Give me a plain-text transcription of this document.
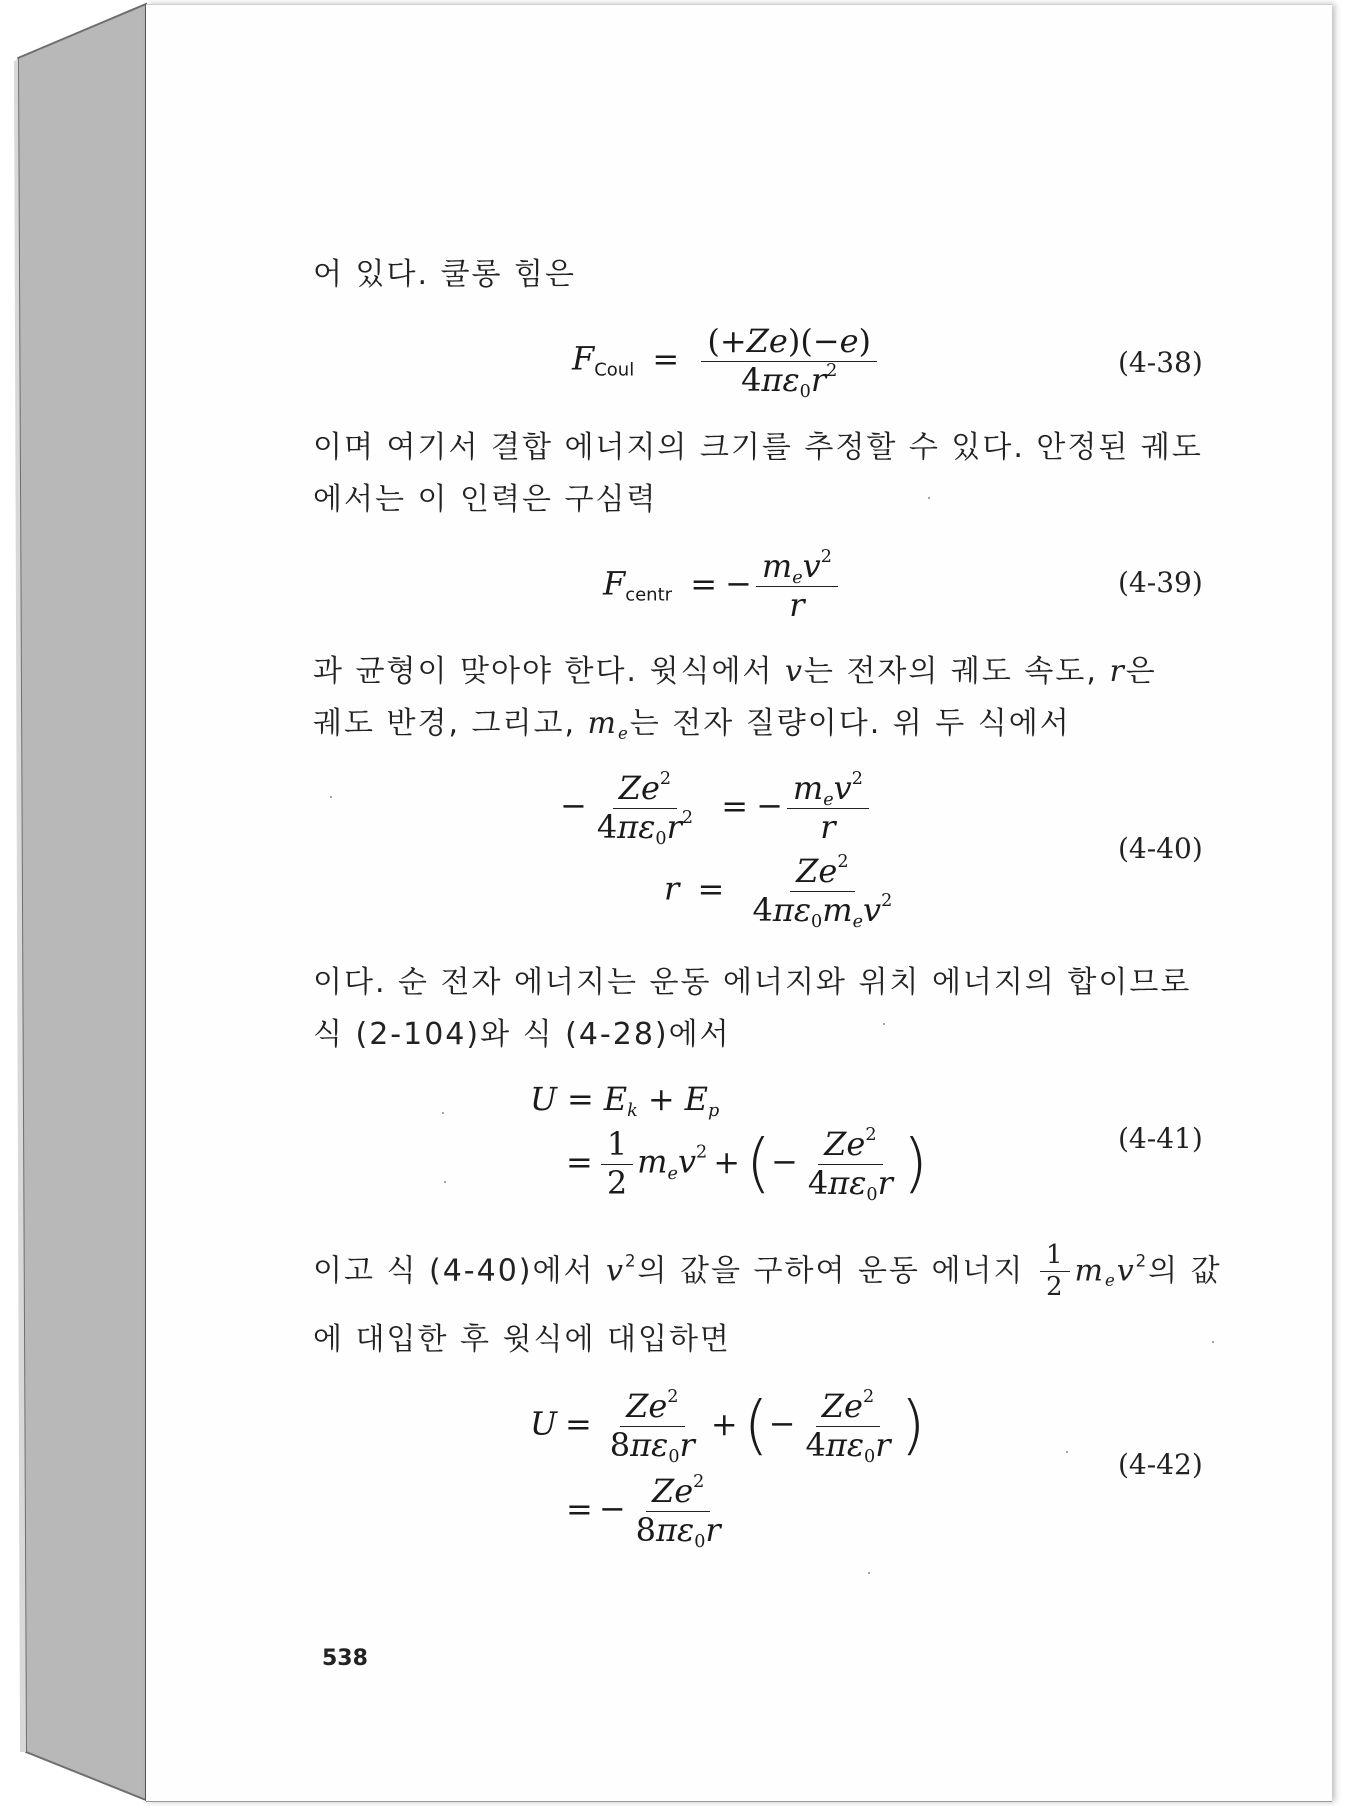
어 있다. 쿨롱 힘은
FCoul = $\frac{(+Ze)(-e)}{4\pi\varepsilon_0r^2}$	(4-38)
이며 여기서 결합 에너지의 크기를 추정할 수 있다. 안정된 궤도
에서는 이 인력은 구심력
Fcentr = − $\frac{m_ev^2}{r}$	(4-39)
과 균형이 맞아야 한다. 윗식에서 v는 전자의 궤도 속도, r은
궤도 반경, 그리고, $m_e$는 전자 질량이다. 위 두 식에서
− $\frac{Ze^2}{4\pi\varepsilon_0r^2}$ = − $\frac{m_ev^2}{r}$
$r = \frac{Ze^2}{4\pi\varepsilon_0m_ev^2}$
(4-40)
이다. 순 전자 에너지는 운동 에너지와 위치 에너지의 합이므로
식 (2-104)와 식 (4-28)에서
$U = E_k + E_p$
= $\frac{1}{2} m_ev^2$ +(− $\frac{Ze^2}{4\pi\varepsilon_0r}$ )	(4-41)
이고 식 (4-40)에서 $v^2$의 값을 구하여 운동 에너지 $\frac{1}{2} m_ev^2$의 값
에 대입한 후 윗식에 대입하면
$U = \frac{Ze^2}{8\pi\varepsilon_0r}$ +(− $\frac{Ze^2}{4\pi\varepsilon_0r}$ )
= − $\frac{Ze^2}{8\pi\varepsilon_0r}$
(4-42)
538
